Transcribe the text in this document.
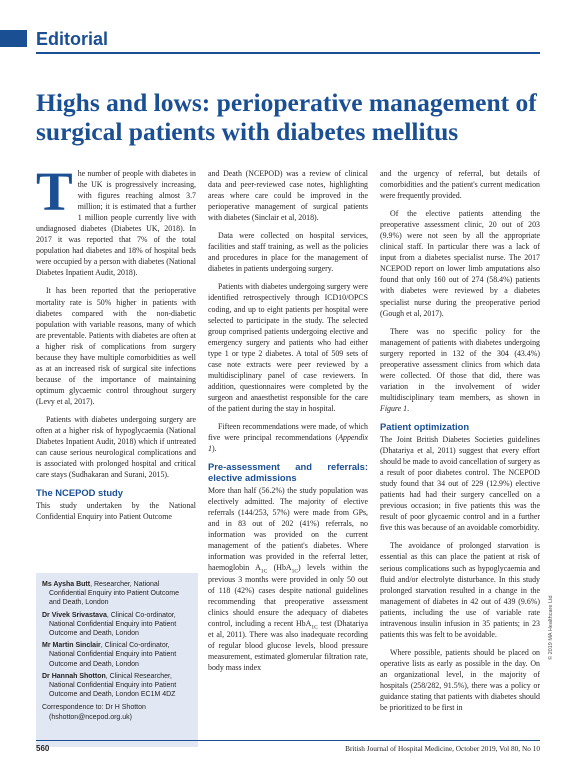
Editorial
Highs and lows: perioperative management of surgical patients with diabetes mellitus

The number of people with diabetes in the UK is progressively increasing, with figures reaching almost 3.7 million; it is estimated that a further 1 million people currently live with undiagnosed diabetes (Diabetes UK, 2018). In 2017 it was reported that 7% of the total population had diabetes and 18% of hospital beds were occupied by a person with diabetes (National Diabetes Inpatient Audit, 2018).

It has been reported that the perioperative mortality rate is 50% higher in patients with diabetes compared with the non-diabetic population with variable reasons, many of which are preventable. Patients with diabetes are often at a higher risk of complications from surgery because they have multiple comorbidities as well as at an increased risk of surgical site infections because of the importance of maintaining optimum glycaemic control throughout surgery (Levy et al, 2017).

Patients with diabetes undergoing surgery are often at a higher risk of hypoglycaemia (National Diabetes Inpatient Audit, 2018) which if untreated can cause serious neurological complications and is associated with prolonged hospital and critical care stays (Sudhakaran and Surani, 2015).

The NCEPOD study

This study undertaken by the National Confidential Enquiry into Patient Outcome

Ms Aysha Butt, Researcher, National Confidential Enquiry into Patient Outcome and Death, London
Dr Vivek Srivastava, Clinical Co-ordinator, National Confidential Enquiry into Patient Outcome and Death, London
Mr Martin Sinclair, Clinical Co-ordinator, National Confidential Enquiry into Patient Outcome and Death, London
Dr Hannah Shotton, Clinical Researcher, National Confidential Enquiry into Patient Outcome and Death, London EC1M 4DZ
Correspondence to: Dr H Shotton
(hshotton@ncepod.org.uk)

and Death (NCEPOD) was a review of clinical data and peer-reviewed case notes, highlighting areas where care could be improved in the perioperative management of surgical patients with diabetes (Sinclair et al, 2018).

Data were collected on hospital services, facilities and staff training, as well as the policies and procedures in place for the management of diabetes in patients undergoing surgery.

Patients with diabetes undergoing surgery were identified retrospectively through ICD10/OPCS coding, and up to eight patients per hospital were selected to participate in the study. The selected group comprised patients undergoing elective and emergency surgery and patients who had either type 1 or type 2 diabetes. A total of 509 sets of case note extracts were peer reviewed by a multidisciplinary panel of case reviewers. In addition, questionnaires were completed by the surgeon and anaesthetist responsible for the care of the patient during the stay in hospital.

Fifteen recommendations were made, of which five were principal recommendations (Appendix 1).

Pre-assessment and referrals: elective admissions

More than half (56.2%) the study population was electively admitted. The majority of elective referrals (144/253, 57%) were made from GPs, and in 83 out of 202 (41%) referrals, no information was provided on the current management of the patient's diabetes. Where information was provided in the referral letter, haemoglobin $A_{1C}$ (HbA$_{1C}$) levels within the previous 3 months were provided in only 50 out of 118 (42%) cases despite national guidelines recommending that preoperative assessment clinics should ensure the adequacy of diabetes control, including a recent HbA$_{1C}$ test (Dhatariya et al, 2011). There was also inadequate recording of regular blood glucose levels, blood pressure measurement, estimated glomerular filtration rate, body mass index

and the urgency of referral, but details of comorbidities and the patient's current medication were frequently provided.

Of the elective patients attending the preoperative assessment clinic, 20 out of 203 (9.9%) were not seen by all the appropriate clinical staff. In particular there was a lack of input from a diabetes specialist nurse. The 2017 NCEPOD report on lower limb amputations also found that only 160 out of 274 (58.4%) patients with diabetes were reviewed by a diabetes specialist nurse during the preoperative period (Gough et al, 2017).

There was no specific policy for the management of patients with diabetes undergoing surgery reported in 132 of the 304 (43.4%) preoperative assessment clinics from which data were collected. Of those that did, there was variation in the involvement of wider multidisciplinary team members, as shown in Figure 1.

Patient optimization

The Joint British Diabetes Societies guidelines (Dhatariya et al, 2011) suggest that every effort should be made to avoid cancellation of surgery as a result of poor diabetes control. The NCEPOD study found that 34 out of 229 (12.9%) elective patients had had their surgery cancelled on a previous occasion; in five patients this was the result of poor glycaemic control and in a further five this was because of an avoidable comorbidity.

The avoidance of prolonged starvation is essential as this can place the patient at risk of serious complications such as hypoglycaemia and fluid and/or electrolyte disturbance. In this study prolonged starvation resulted in a change in the management of diabetes in 42 out of 439 (9.6%) patients, including the use of variable rate intravenous insulin infusion in 35 patients; in 23 patients this was felt to be avoidable.

Where possible, patients should be placed on operative lists as early as possible in the day. On an organizational level, in the majority of hospitals (258/282, 91.5%), there was a policy or guidance stating that patients with diabetes should be prioritized to be first in

© 2019 MA Healthcare Ltd
560	British Journal of Hospital Medicine, October 2019, Vol 80, No 10
